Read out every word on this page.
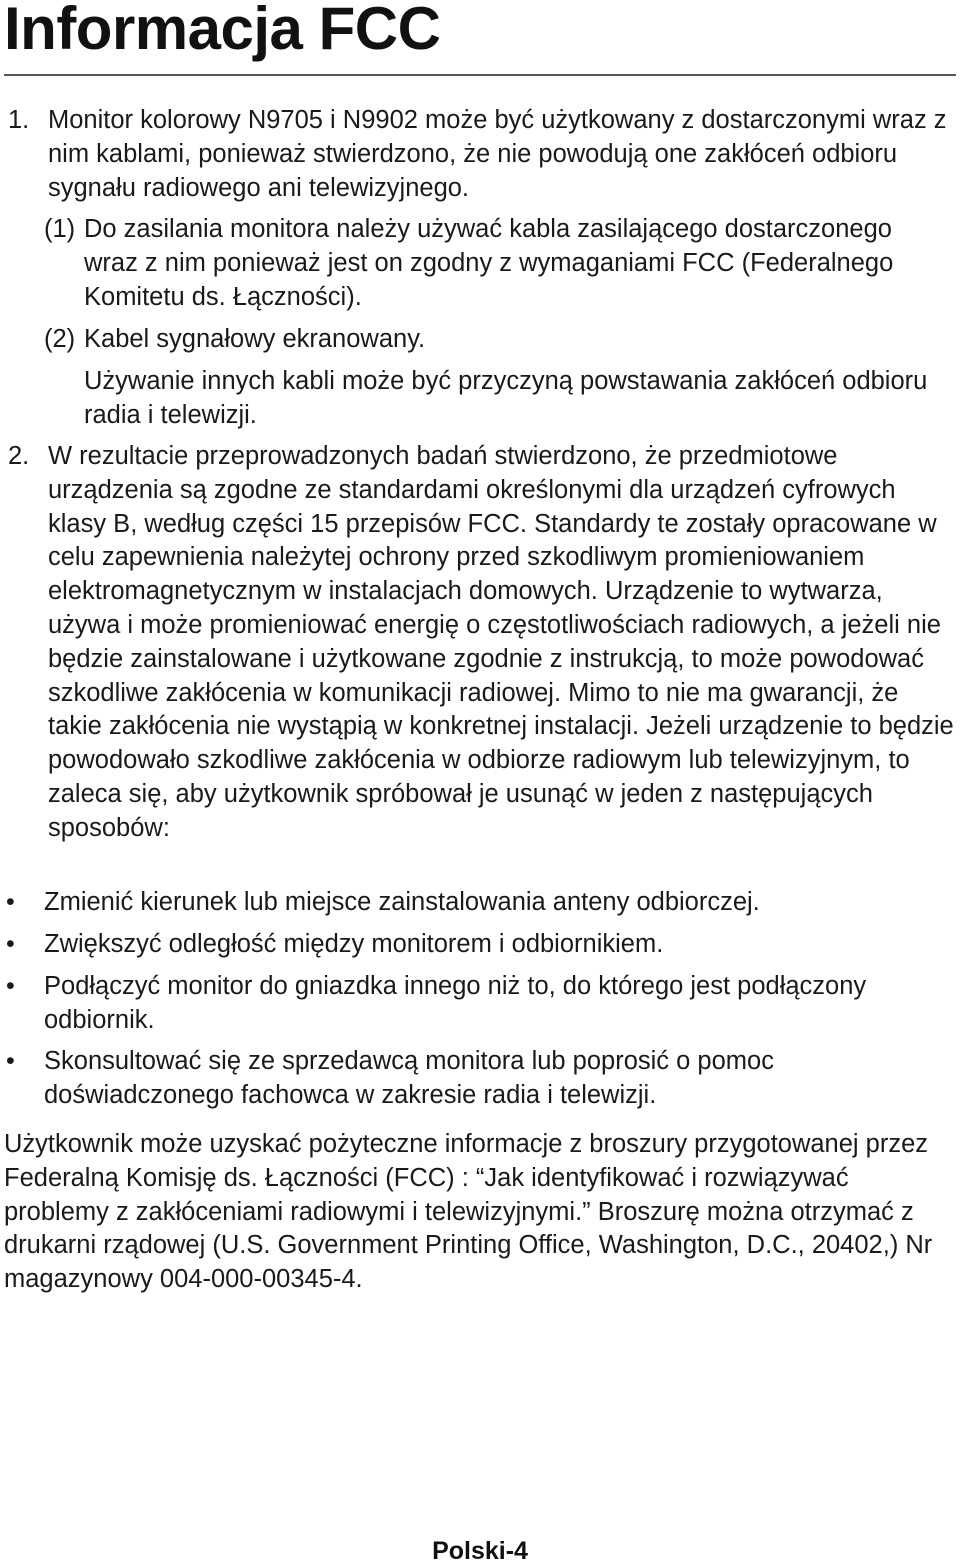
Informacja FCC
1. Monitor kolorowy N9705 i N9902 może być użytkowany z dostarczonymi wraz z nim kablami, ponieważ stwierdzono, że nie powodują one zakłóceń odbioru sygnału radiowego ani telewizyjnego.
(1) Do zasilania monitora należy używać kabla zasilającego dostarczonego wraz z nim ponieważ jest on zgodny z wymaganiami FCC (Federalnego Komitetu ds. Łączności).
(2) Kabel sygnałowy ekranowany.
Używanie innych kabli może być przyczyną powstawania zakłóceń odbioru radia i telewizji.
2. W rezultacie przeprowadzonych badań stwierdzono, że przedmiotowe urządzenia są zgodne ze standardami określonymi dla urządzeń cyfrowych klasy B, według części 15 przepisów FCC. Standardy te zostały opracowane w celu zapewnienia należytej ochrony przed szkodliwym promieniowaniem elektromagnetycznym w instalacjach domowych. Urządzenie to wytwarza, używa i może promieniować energię o częstotliwościach radiowych, a jeżeli nie będzie zainstalowane i użytkowane zgodnie z instrukcją, to może powodować szkodliwe zakłócenia w komunikacji radiowej. Mimo to nie ma gwarancji, że takie zakłócenia nie wystąpią w konkretnej instalacji. Jeżeli urządzenie to będzie powodowało szkodliwe zakłócenia w odbiorze radiowym lub telewizyjnym, to zaleca się, aby użytkownik spróbował je usunąć w jeden z następujących sposobów:
• Zmienić kierunek lub miejsce zainstalowania anteny odbiorczej.
• Zwiększyć odległość między monitorem i odbiornikiem.
• Podłączyć monitor do gniazdka innego niż to, do którego jest podłączony odbiornik.
• Skonsultować się ze sprzedawcą monitora lub poprosić o pomoc doświadczonego fachowca w zakresie radia i telewizji.
Użytkownik może uzyskać pożyteczne informacje z broszury przygotowanej przez Federalną Komisję ds. Łączności (FCC) : “Jak identyfikować i rozwiązywać problemy z zakłóceniami radiowymi i telewizyjnymi.” Broszurę można otrzymać z drukarni rządowej (U.S. Government Printing Office, Washington, D.C., 20402,) Nr magazynowy 004-000-00345-4.
Polski-4
